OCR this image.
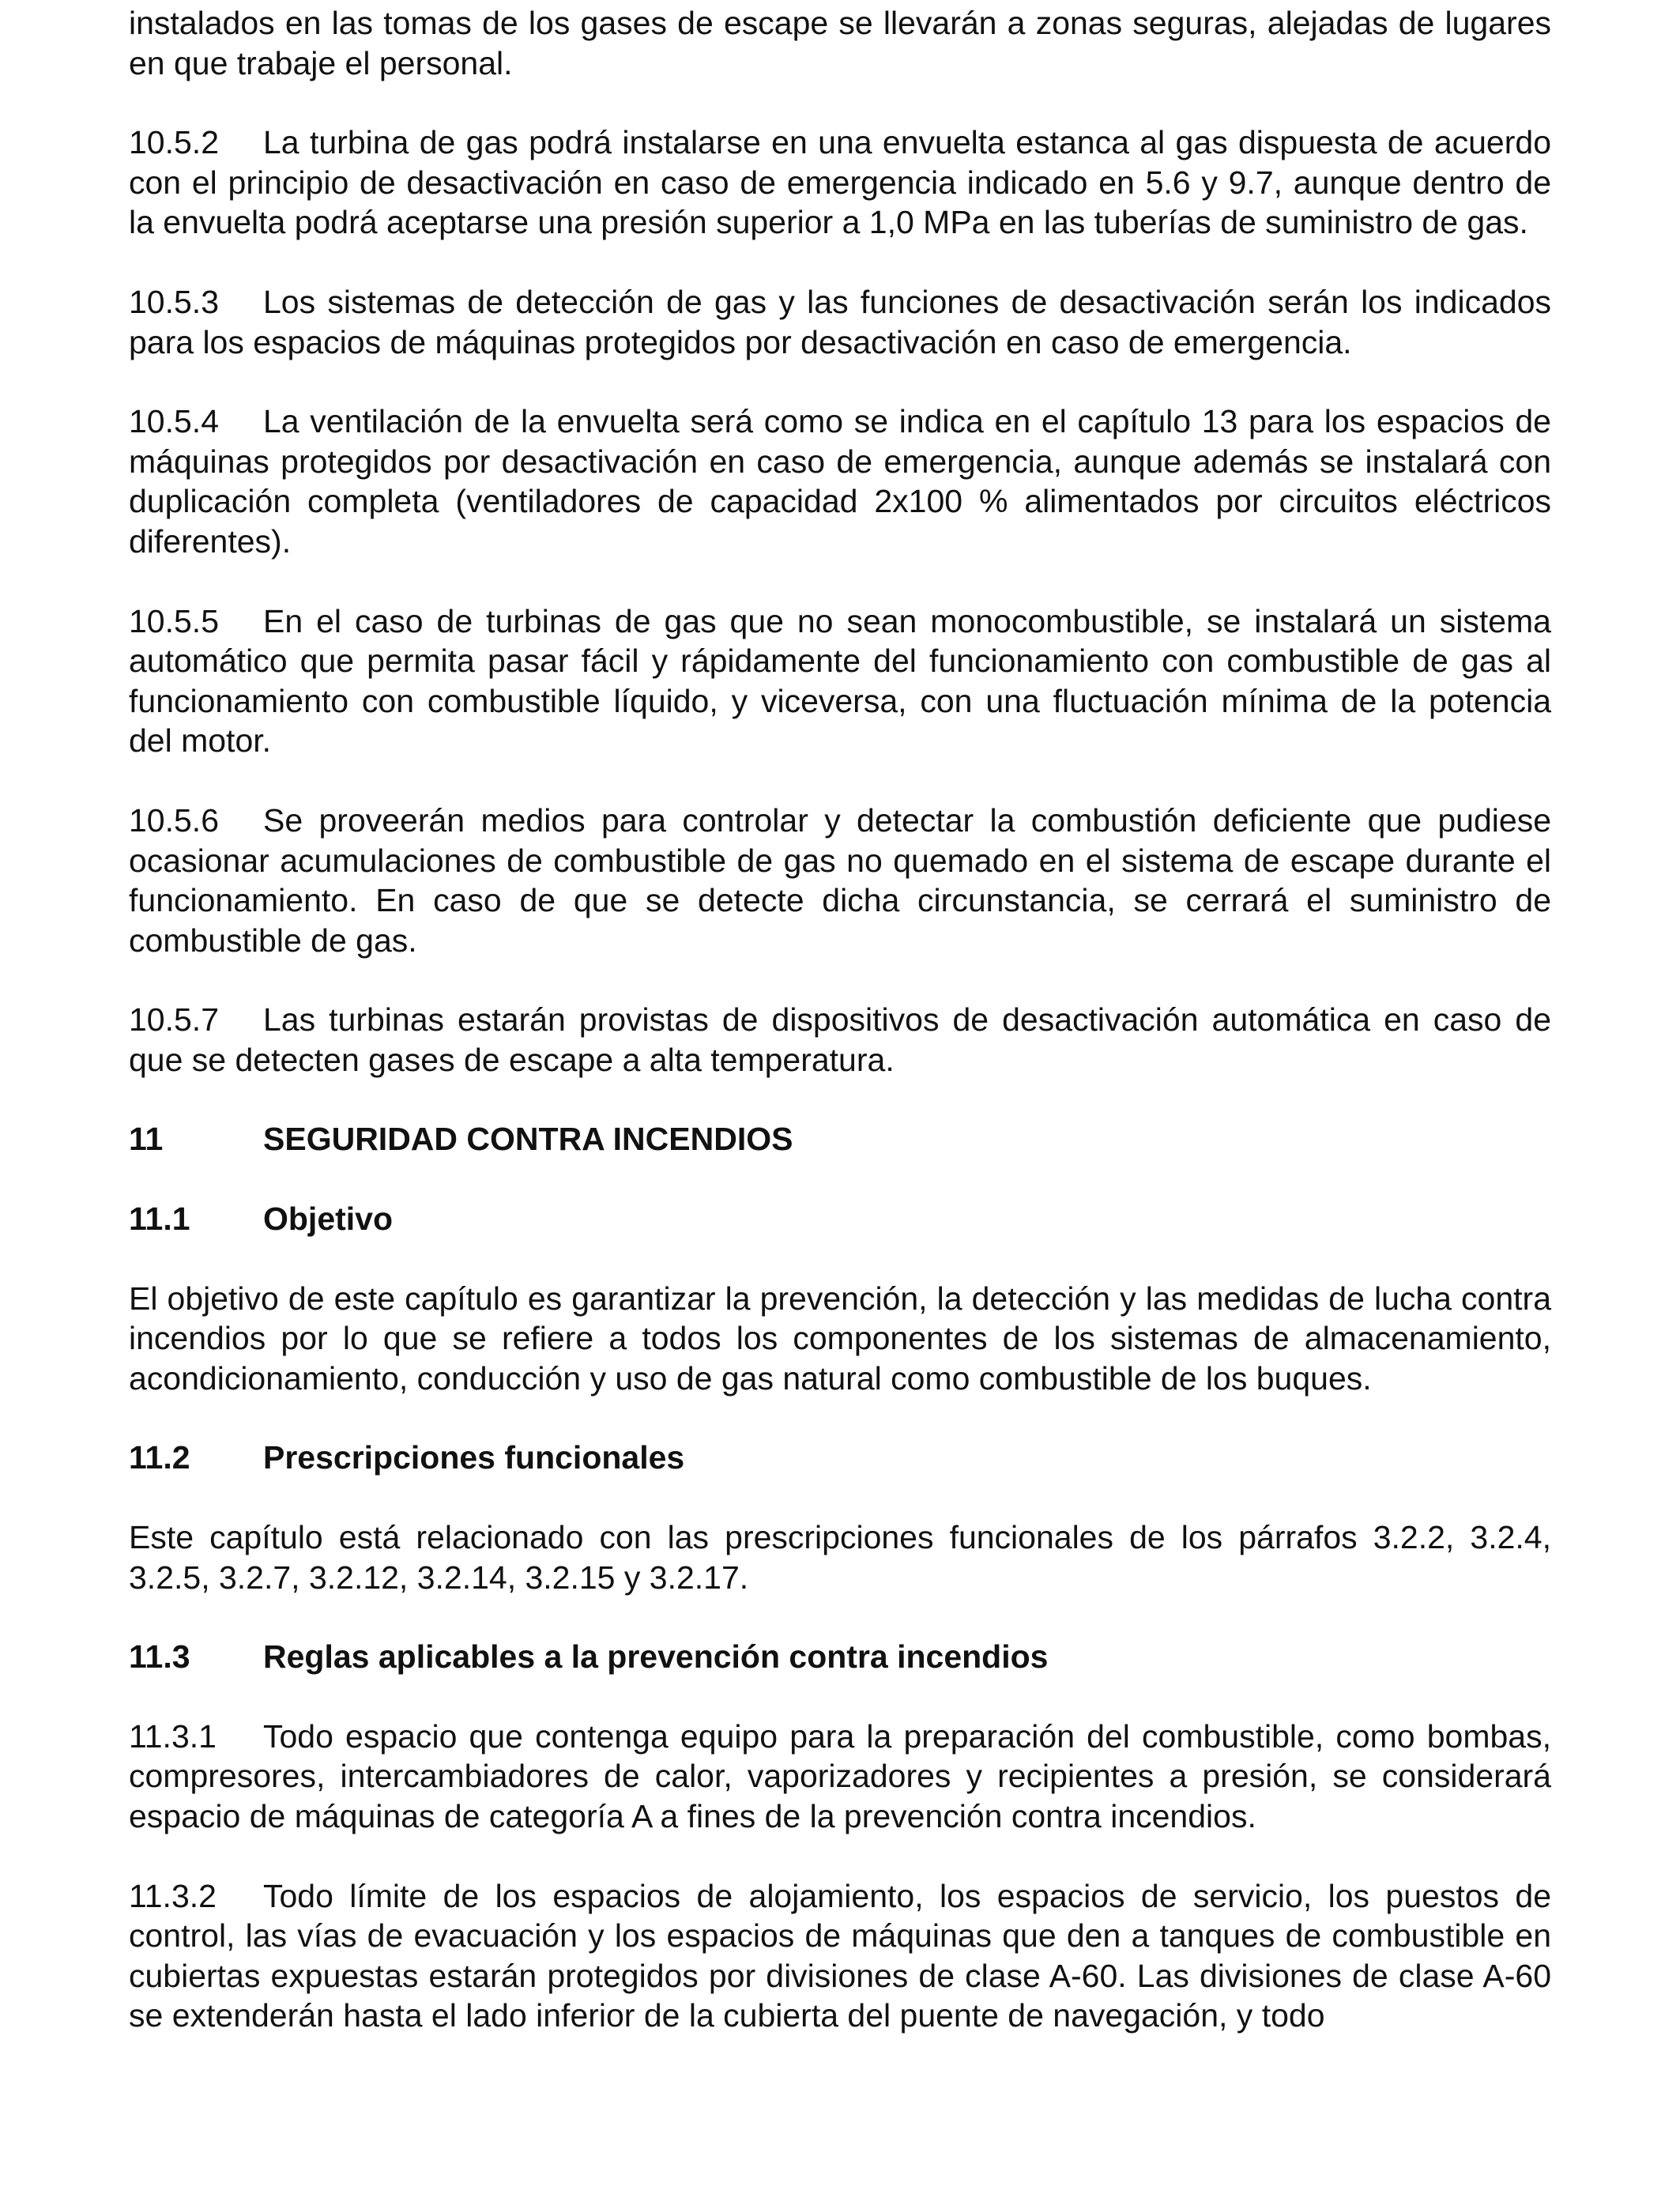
instalados en las tomas de los gases de escape se llevarán a zonas seguras, alejadas de lugares en que trabaje el personal.

10.5.2 La turbina de gas podrá instalarse en una envuelta estanca al gas dispuesta de acuerdo con el principio de desactivación en caso de emergencia indicado en 5.6 y 9.7, aunque dentro de la envuelta podrá aceptarse una presión superior a 1,0 MPa en las tuberías de suministro de gas.

10.5.3 Los sistemas de detección de gas y las funciones de desactivación serán los indicados para los espacios de máquinas protegidos por desactivación en caso de emergencia.

10.5.4 La ventilación de la envuelta será como se indica en el capítulo 13 para los espacios de máquinas protegidos por desactivación en caso de emergencia, aunque además se instalará con duplicación completa (ventiladores de capacidad 2x100 % alimentados por circuitos eléctricos diferentes).

10.5.5 En el caso de turbinas de gas que no sean monocombustible, se instalará un sistema automático que permita pasar fácil y rápidamente del funcionamiento con combustible de gas al funcionamiento con combustible líquido, y viceversa, con una fluctuación mínima de la potencia del motor.

10.5.6 Se proveerán medios para controlar y detectar la combustión deficiente que pudiese ocasionar acumulaciones de combustible de gas no quemado en el sistema de escape durante el funcionamiento. En caso de que se detecte dicha circunstancia, se cerrará el suministro de combustible de gas.

10.5.7 Las turbinas estarán provistas de dispositivos de desactivación automática en caso de que se detecten gases de escape a alta temperatura.

11	SEGURIDAD CONTRA INCENDIOS
11.1	Objetivo

El objetivo de este capítulo es garantizar la prevención, la detección y las medidas de lucha contra incendios por lo que se refiere a todos los componentes de los sistemas de almacenamiento, acondicionamiento, conducción y uso de gas natural como combustible de los buques.

11.2	Prescripciones funcionales

Este capítulo está relacionado con las prescripciones funcionales de los párrafos 3.2.2, 3.2.4, 3.2.5, 3.2.7, 3.2.12, 3.2.14, 3.2.15 y 3.2.17.

11.3	Reglas aplicables a la prevención contra incendios

11.3.1 Todo espacio que contenga equipo para la preparación del combustible, como bombas, compresores, intercambiadores de calor, vaporizadores y recipientes a presión, se considerará espacio de máquinas de categoría A a fines de la prevención contra incendios.

11.3.2 Todo límite de los espacios de alojamiento, los espacios de servicio, los puestos de control, las vías de evacuación y los espacios de máquinas que den a tanques de combustible en cubiertas expuestas estarán protegidos por divisiones de clase A-60. Las divisiones de clase A-60 se extenderán hasta el lado inferior de la cubierta del puente de navegación, y todo
